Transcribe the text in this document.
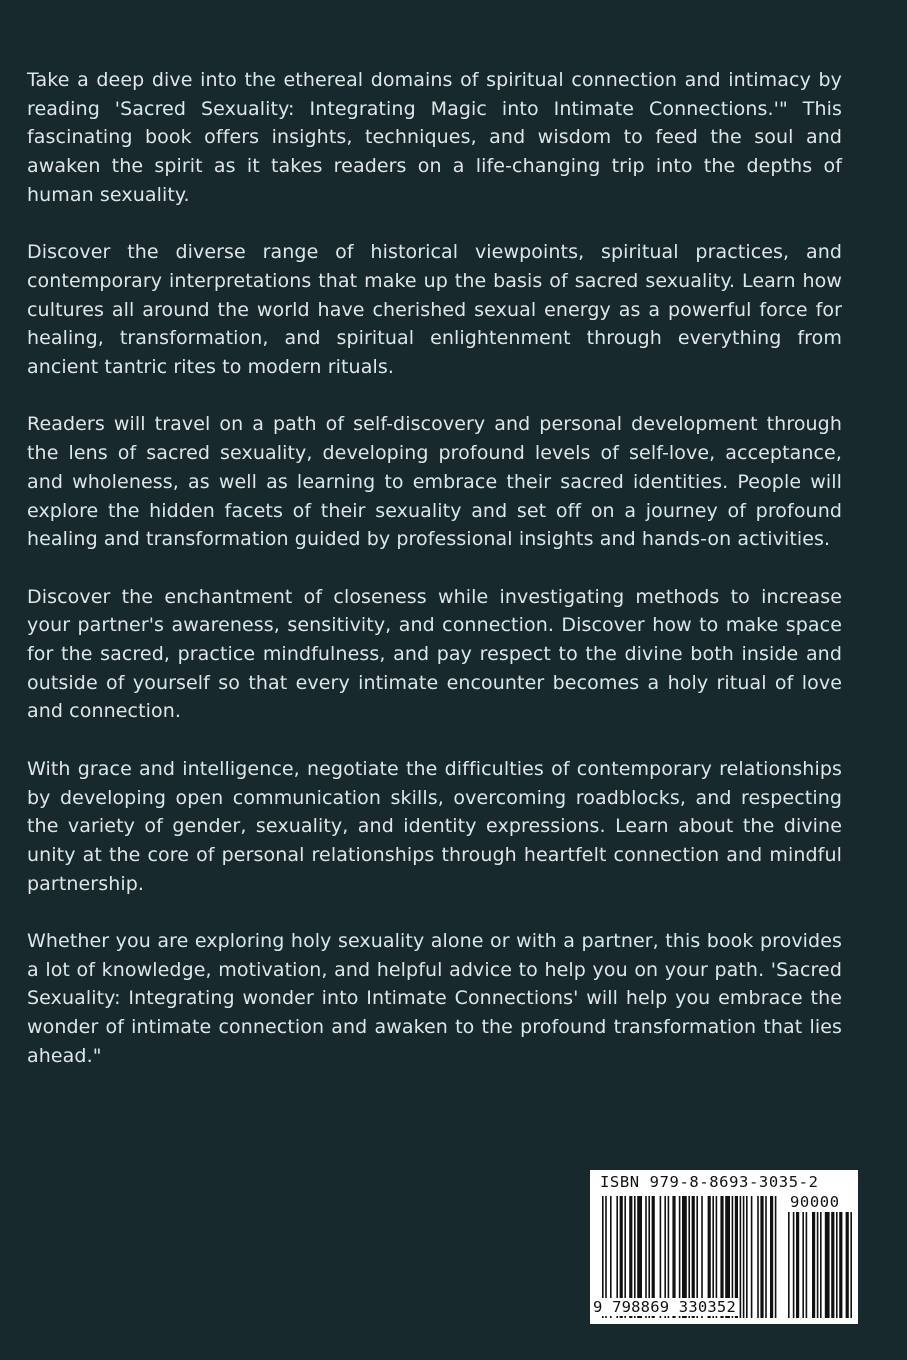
Take a deep dive into the ethereal domains of spiritual connection and intimacy by reading 'Sacred Sexuality: Integrating Magic into Intimate Connections.'" This fascinating book offers insights, techniques, and wisdom to feed the soul and awaken the spirit as it takes readers on a life-changing trip into the depths of human sexuality.

Discover the diverse range of historical viewpoints, spiritual practices, and contemporary interpretations that make up the basis of sacred sexuality. Learn how cultures all around the world have cherished sexual energy as a powerful force for healing, transformation, and spiritual enlightenment through everything from ancient tantric rites to modern rituals.

Readers will travel on a path of self-discovery and personal development through the lens of sacred sexuality, developing profound levels of self-love, acceptance, and wholeness, as well as learning to embrace their sacred identities. People will explore the hidden facets of their sexuality and set off on a journey of profound healing and transformation guided by professional insights and hands-on activities.

Discover the enchantment of closeness while investigating methods to increase your partner's awareness, sensitivity, and connection. Discover how to make space for the sacred, practice mindfulness, and pay respect to the divine both inside and outside of yourself so that every intimate encounter becomes a holy ritual of love and connection.

With grace and intelligence, negotiate the difficulties of contemporary relationships by developing open communication skills, overcoming roadblocks, and respecting the variety of gender, sexuality, and identity expressions. Learn about the divine unity at the core of personal relationships through heartfelt connection and mindful partnership.

Whether you are exploring holy sexuality alone or with a partner, this book provides a lot of knowledge, motivation, and helpful advice to help you on your path. 'Sacred Sexuality: Integrating wonder into Intimate Connections' will help you embrace the wonder of intimate connection and awaken to the profound transformation that lies ahead."

ISBN 979-8-8693-3035-2
90000
9 798869 330352
